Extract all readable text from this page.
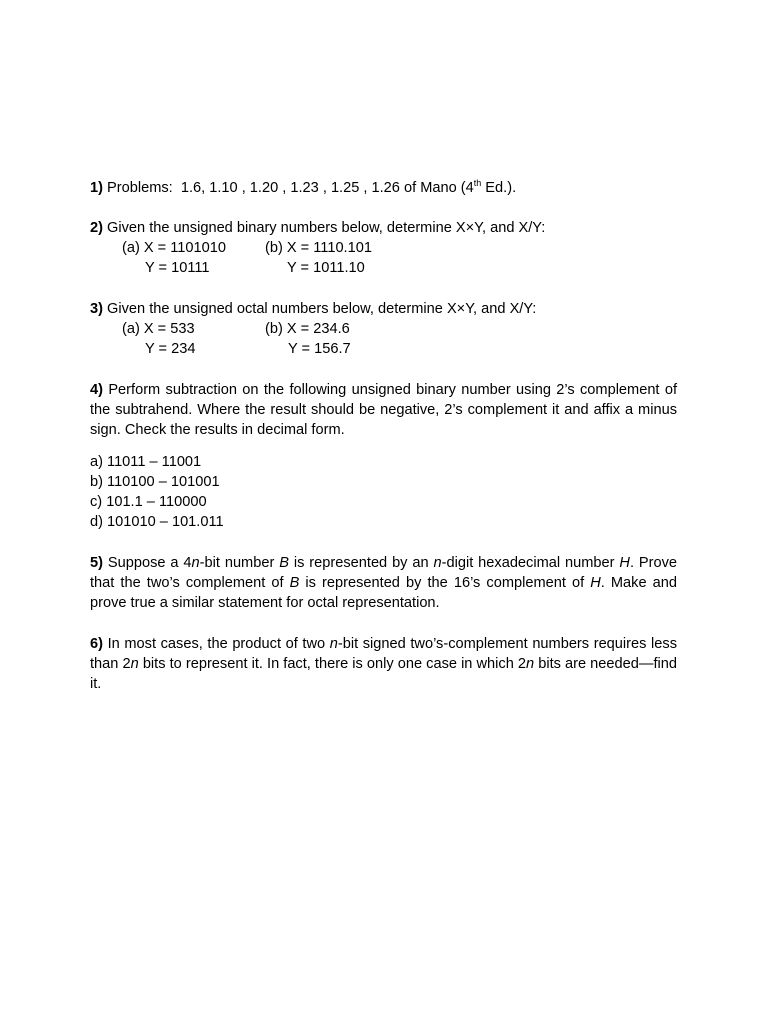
1) Problems:  1.6, 1.10 , 1.20 , 1.23 , 1.25 , 1.26 of Mano (4th Ed.).
2) Given the unsigned binary numbers below, determine X×Y, and X/Y:
(a) X = 1101010	(b) X = 1110.101
Y = 10111	Y = 1011.10
3) Given the unsigned octal numbers below, determine X×Y, and X/Y:
(a) X = 533	(b) X = 234.6
Y = 234	Y = 156.7
4) Perform subtraction on the following unsigned binary number using 2’s complement of the subtrahend. Where the result should be negative, 2’s complement it and affix a minus sign. Check the results in decimal form.
a) 11011 – 11001
b) 110100 – 101001
c) 101.1 – 110000
d) 101010 – 101.011
5) Suppose a 4n-bit number B is represented by an n-digit hexadecimal number H. Prove that the two’s complement of B is represented by the 16’s complement of H. Make and prove true a similar statement for octal representation.
6) In most cases, the product of two n-bit signed two’s-complement numbers requires less than 2n bits to represent it. In fact, there is only one case in which 2n bits are needed—find it.
